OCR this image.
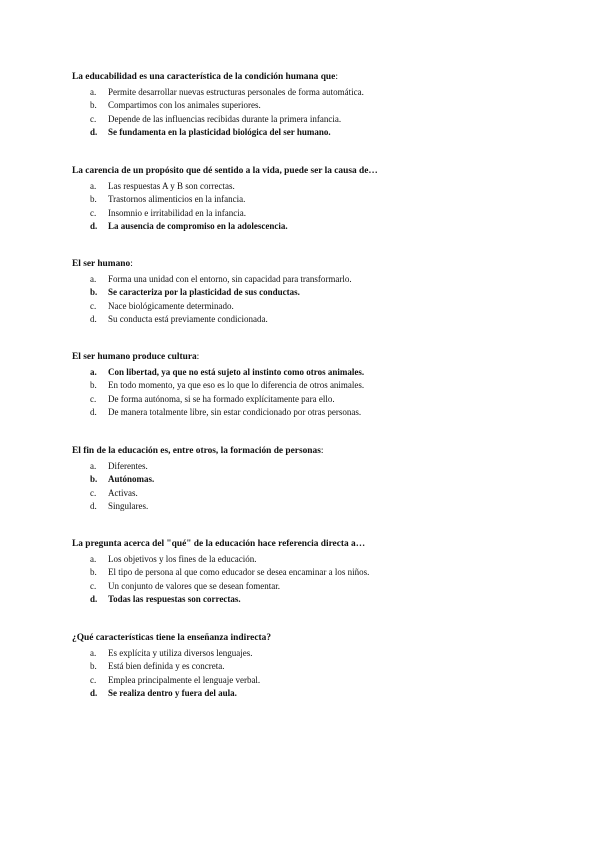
La educabilidad es una característica de la condición humana que:

a. Permite desarrollar nuevas estructuras personales de forma automática.
b. Compartimos con los animales superiores.
c. Depende de las influencias recibidas durante la primera infancia.
d. Se fundamenta en la plasticidad biológica del ser humano.

La carencia de un propósito que dé sentido a la vida, puede ser la causa de…

a. Las respuestas A y B son correctas.
b. Trastornos alimenticios en la infancia.
c. Insomnio e irritabilidad en la infancia.
d. La ausencia de compromiso en la adolescencia.

El ser humano:

a. Forma una unidad con el entorno, sin capacidad para transformarlo.
b. Se caracteriza por la plasticidad de sus conductas.
c. Nace biológicamente determinado.
d. Su conducta está previamente condicionada.

El ser humano produce cultura:

a. Con libertad, ya que no está sujeto al instinto como otros animales.
b. En todo momento, ya que eso es lo que lo diferencia de otros animales.
c. De forma autónoma, si se ha formado explícitamente para ello.
d. De manera totalmente libre, sin estar condicionado por otras personas.

El fin de la educación es, entre otros, la formación de personas:

a. Diferentes.
b. Autónomas.
c. Activas.
d. Singulares.

La pregunta acerca del "qué" de la educación hace referencia directa a…

a. Los objetivos y los fines de la educación.
b. El tipo de persona al que como educador se desea encaminar a los niños.
c. Un conjunto de valores que se desean fomentar.
d. Todas las respuestas son correctas.

¿Qué características tiene la enseñanza indirecta?

a. Es explícita y utiliza diversos lenguajes.
b. Está bien definida y es concreta.
c. Emplea principalmente el lenguaje verbal.
d. Se realiza dentro y fuera del aula.
